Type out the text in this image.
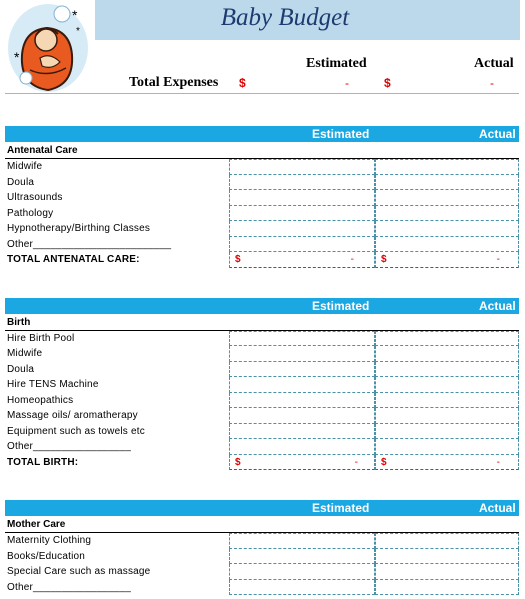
Baby Budget
*
*
*
Estimated	Actual
Total Expenses $	-	$	-
Estimated	Actual
Antenatal Care
Midwife
Doula
Ultrasounds
Pathology
Hypnotherapy/Birthing Classes
Other________________________
TOTAL ANTENATAL CARE:	$	-	$	-
Estimated	Actual
Birth
Hire Birth Pool
Midwife
Doula
Hire TENS Machine
Homeopathics
Massage oils/ aromatherapy
Equipment such as towels etc
Other_________________
TOTAL BIRTH:	$	- $	-
Estimated	Actual
Mother Care
Maternity Clothing
Books/Education
Special Care such as massage
Other_________________
